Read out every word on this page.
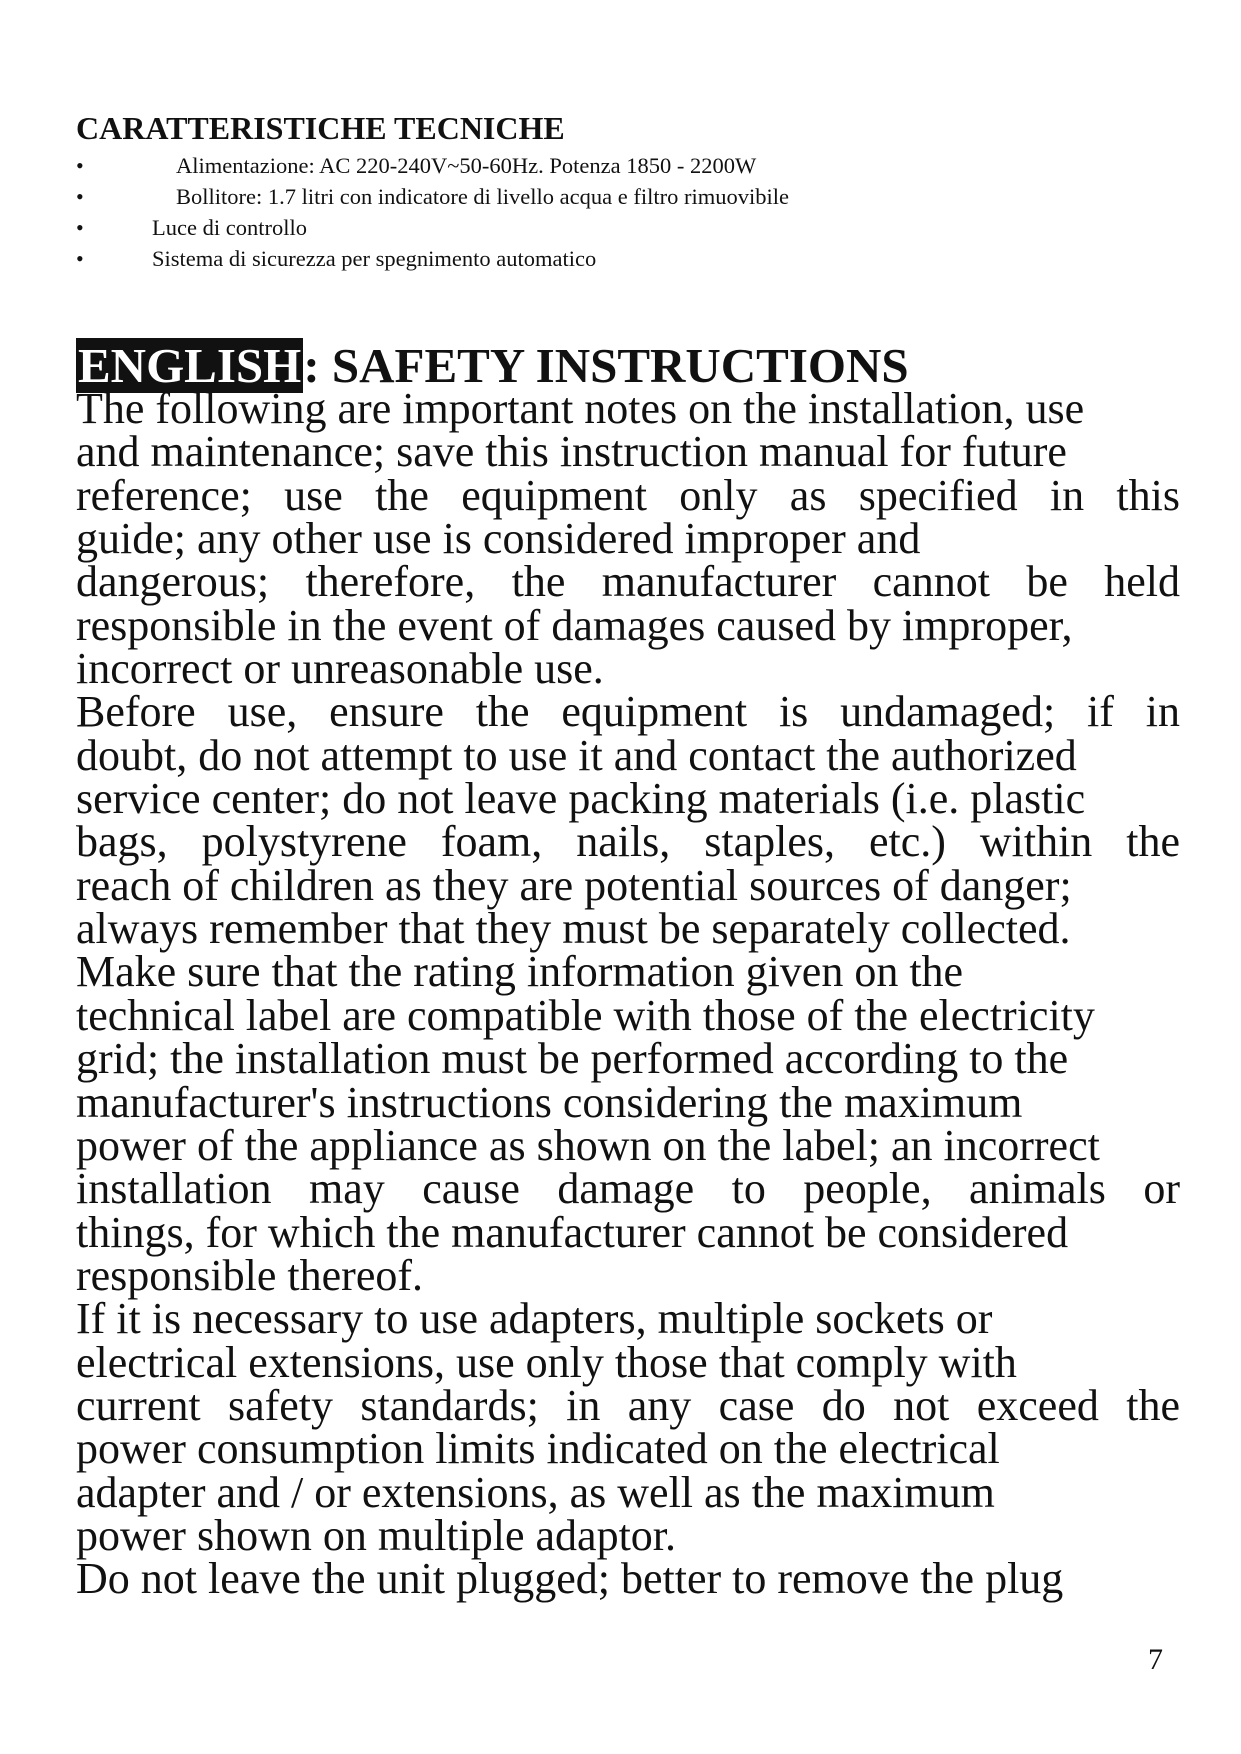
CARATTERISTICHE TECNICHE
•	Alimentazione: AC 220-240V~50-60Hz. Potenza 1850 - 2200W
•	Bollitore: 1.7 litri con indicatore di livello acqua e filtro rimuovibile
•	Luce di controllo
•	Sistema di sicurezza per spegnimento automatico
ENGLISH: SAFETY INSTRUCTIONS
The following are important notes on the installation, use
and maintenance; save this instruction manual for future
reference; use the equipment only as specified in this
guide; any other use is considered improper and
dangerous; therefore, the manufacturer cannot be held
responsible in the event of damages caused by improper,
incorrect or unreasonable use.
Before use, ensure the equipment is undamaged; if in
doubt, do not attempt to use it and contact the authorized
service center; do not leave packing materials (i.e. plastic
bags, polystyrene foam, nails, staples, etc.) within the
reach of children as they are potential sources of danger;
always remember that they must be separately collected.
Make sure that the rating information given on the
technical label are compatible with those of the electricity
grid; the installation must be performed according to the
manufacturer's instructions considering the maximum
power of the appliance as shown on the label; an incorrect
installation may cause damage to people, animals or
things, for which the manufacturer cannot be considered
responsible thereof.
If it is necessary to use adapters, multiple sockets or
electrical extensions, use only those that comply with
current safety standards; in any case do not exceed the
power consumption limits indicated on the electrical
adapter and / or extensions, as well as the maximum
power shown on multiple adaptor.
Do not leave the unit plugged; better to remove the plug
7
